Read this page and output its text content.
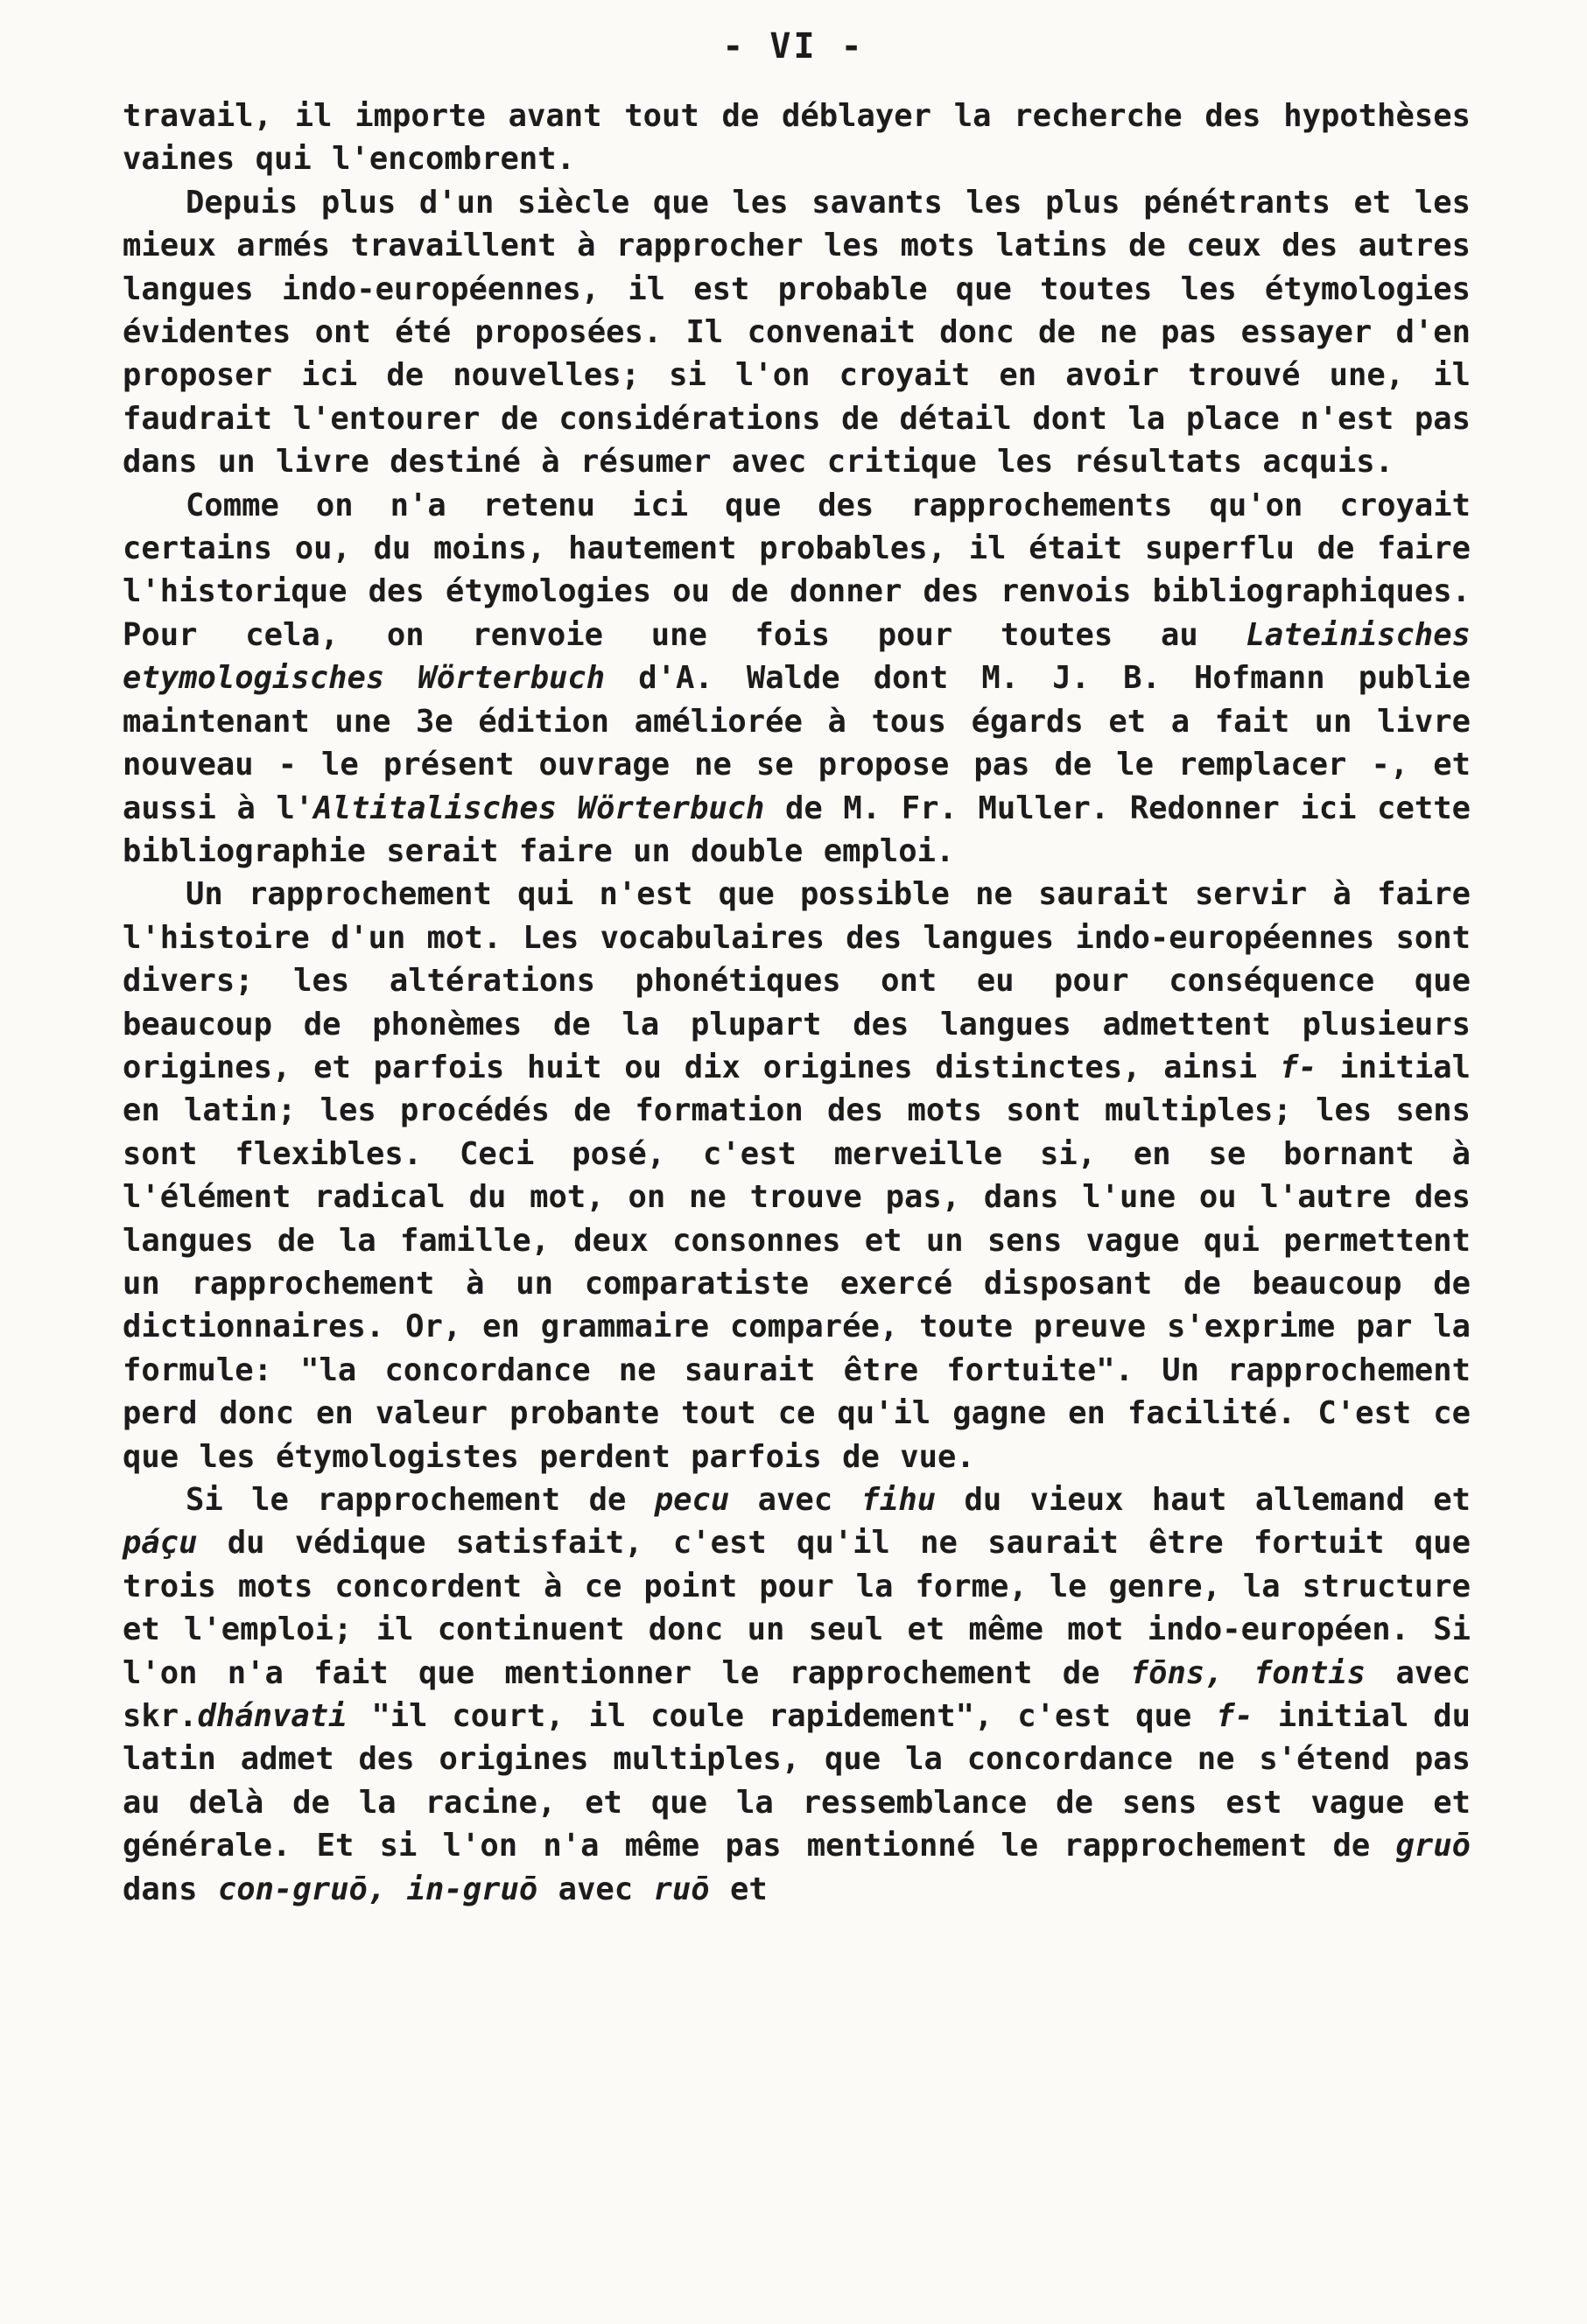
- VI -

travail, il importe avant tout de déblayer la recherche des hypothèses vaines qui l'encombrent.

Depuis plus d'un siècle que les savants les plus pénétrants et les mieux armés travaillent à rapprocher les mots latins de ceux des autres langues indo-européennes, il est probable que toutes les étymologies évidentes ont été proposées. Il convenait donc de ne pas essayer d'en proposer ici de nouvelles; si l'on croyait en avoir trouvé une, il faudrait l'entourer de considérations de détail dont la place n'est pas dans un livre destiné à résumer avec critique les résultats acquis.

Comme on n'a retenu ici que des rapprochements qu'on croyait certains ou, du moins, hautement probables, il était superflu de faire l'historique des étymologies ou de donner des renvois bibliographiques. Pour cela, on renvoie une fois pour toutes au Lateinisches etymologisches Wörterbuch d'A. Walde dont M. J. B. Hofmann publie maintenant une 3e édition améliorée à tous égards et a fait un livre nouveau - le présent ouvrage ne se propose pas de le remplacer -, et aussi à l'Altitalisches Wörterbuch de M. Fr. Muller. Redonner ici cette bibliographie serait faire un double emploi.

Un rapprochement qui n'est que possible ne saurait servir à faire l'histoire d'un mot. Les vocabulaires des langues indo-européennes sont divers; les altérations phonétiques ont eu pour conséquence que beaucoup de phonèmes de la plupart des langues admettent plusieurs origines, et parfois huit ou dix origines distinctes, ainsi f- initial en latin; les procédés de formation des mots sont multiples; les sens sont flexibles. Ceci posé, c'est merveille si, en se bornant à l'élément radical du mot, on ne trouve pas, dans l'une ou l'autre des langues de la famille, deux consonnes et un sens vague qui permettent un rapprochement à un comparatiste exercé disposant de beaucoup de dictionnaires. Or, en grammaire comparée, toute preuve s'exprime par la formule: "la concordance ne saurait être fortuite". Un rapprochement perd donc en valeur probante tout ce qu'il gagne en facilité. C'est ce que les étymologistes perdent parfois de vue.

Si le rapprochement de pecu avec fihu du vieux haut allemand et páçu du védique satisfait, c'est qu'il ne saurait être fortuit que trois mots concordent à ce point pour la forme, le genre, la structure et l'emploi; il continuent donc un seul et même mot indo-européen. Si l'on n'a fait que mentionner le rapprochement de fōns, fontis avec skr.dhánvati "il court, il coule rapidement", c'est que f- initial du latin admet des origines multiples, que la concordance ne s'étend pas au delà de la racine, et que la ressemblance de sens est vague et générale. Et si l'on n'a même pas mentionné le rapprochement de gruō dans con-gruō, in-gruō avec ruō et
